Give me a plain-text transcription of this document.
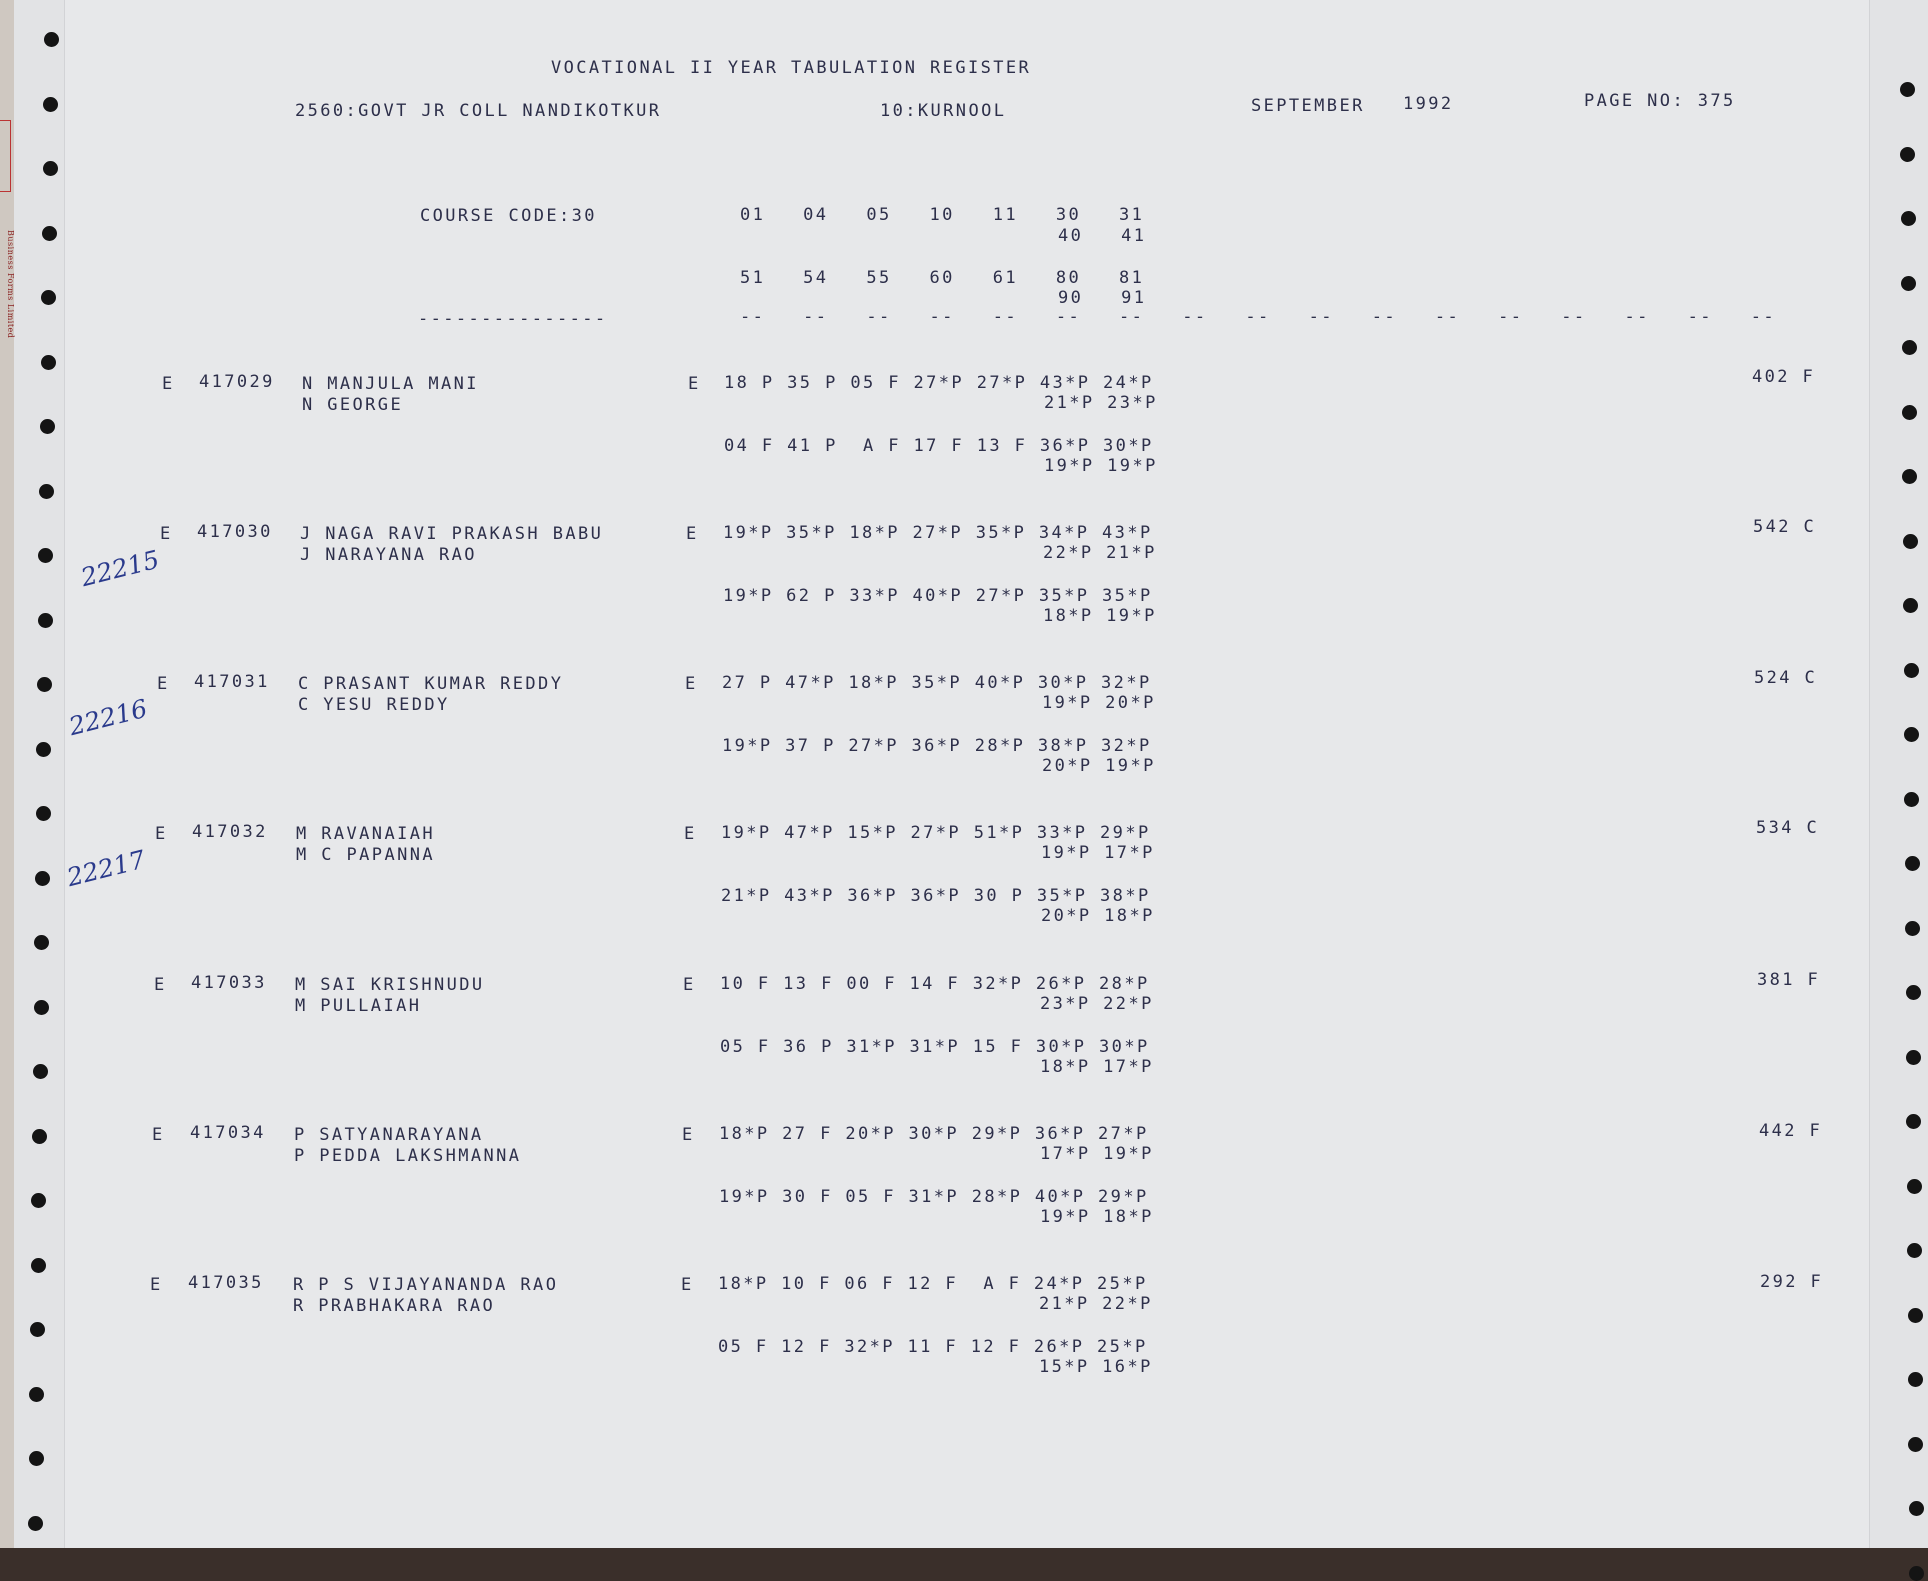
Business Forms Limited
VOCATIONAL II YEAR TABULATION REGISTER
2560:GOVT JR COLL NANDIKOTKUR	10:KURNOOL	SEPTEMBER 1992	PAGE NO: 375
COURSE CODE:30	01   04   05   10   11   30   31
40   41
51   54   55   60   61   80   81
90   91
---------------	--   --   --   --   --   --   --   --   --   --   --   --   --   --   --   --   --
E 417029 N MANJULA MANI
N GEORGE
E 18 P 35 P 05 F 27*P 27*P 43*P 24*P
21*P 23*P
04 F 41 P  A F 17 F 13 F 36*P 30*P
19*P 19*P
402 F
22215
E 417030 J NAGA RAVI PRAKASH BABU
J NARAYANA RAO
E 19*P 35*P 18*P 27*P 35*P 34*P 43*P
22*P 21*P
19*P 62 P 33*P 40*P 27*P 35*P 35*P
18*P 19*P
542 C
22216
E 417031 C PRASANT KUMAR REDDY
C YESU REDDY
E 27 P 47*P 18*P 35*P 40*P 30*P 32*P
19*P 20*P
19*P 37 P 27*P 36*P 28*P 38*P 32*P
20*P 19*P
524 C
22217
E 417032 M RAVANAIAH
M C PAPANNA
E 19*P 47*P 15*P 27*P 51*P 33*P 29*P
19*P 17*P
21*P 43*P 36*P 36*P 30 P 35*P 38*P
20*P 18*P
534 C
E 417033 M SAI KRISHNUDU
M PULLAIAH
E 10 F 13 F 00 F 14 F 32*P 26*P 28*P
23*P 22*P
05 F 36 P 31*P 31*P 15 F 30*P 30*P
18*P 17*P
381 F
E 417034 P SATYANARAYANA
P PEDDA LAKSHMANNA
E 18*P 27 F 20*P 30*P 29*P 36*P 27*P
17*P 19*P
19*P 30 F 05 F 31*P 28*P 40*P 29*P
19*P 18*P
442 F
E 417035 R P S VIJAYANANDA RAO
R PRABHAKARA RAO
E 18*P 10 F 06 F 12 F  A F 24*P 25*P
21*P 22*P
05 F 12 F 32*P 11 F 12 F 26*P 25*P
15*P 16*P
292 F
